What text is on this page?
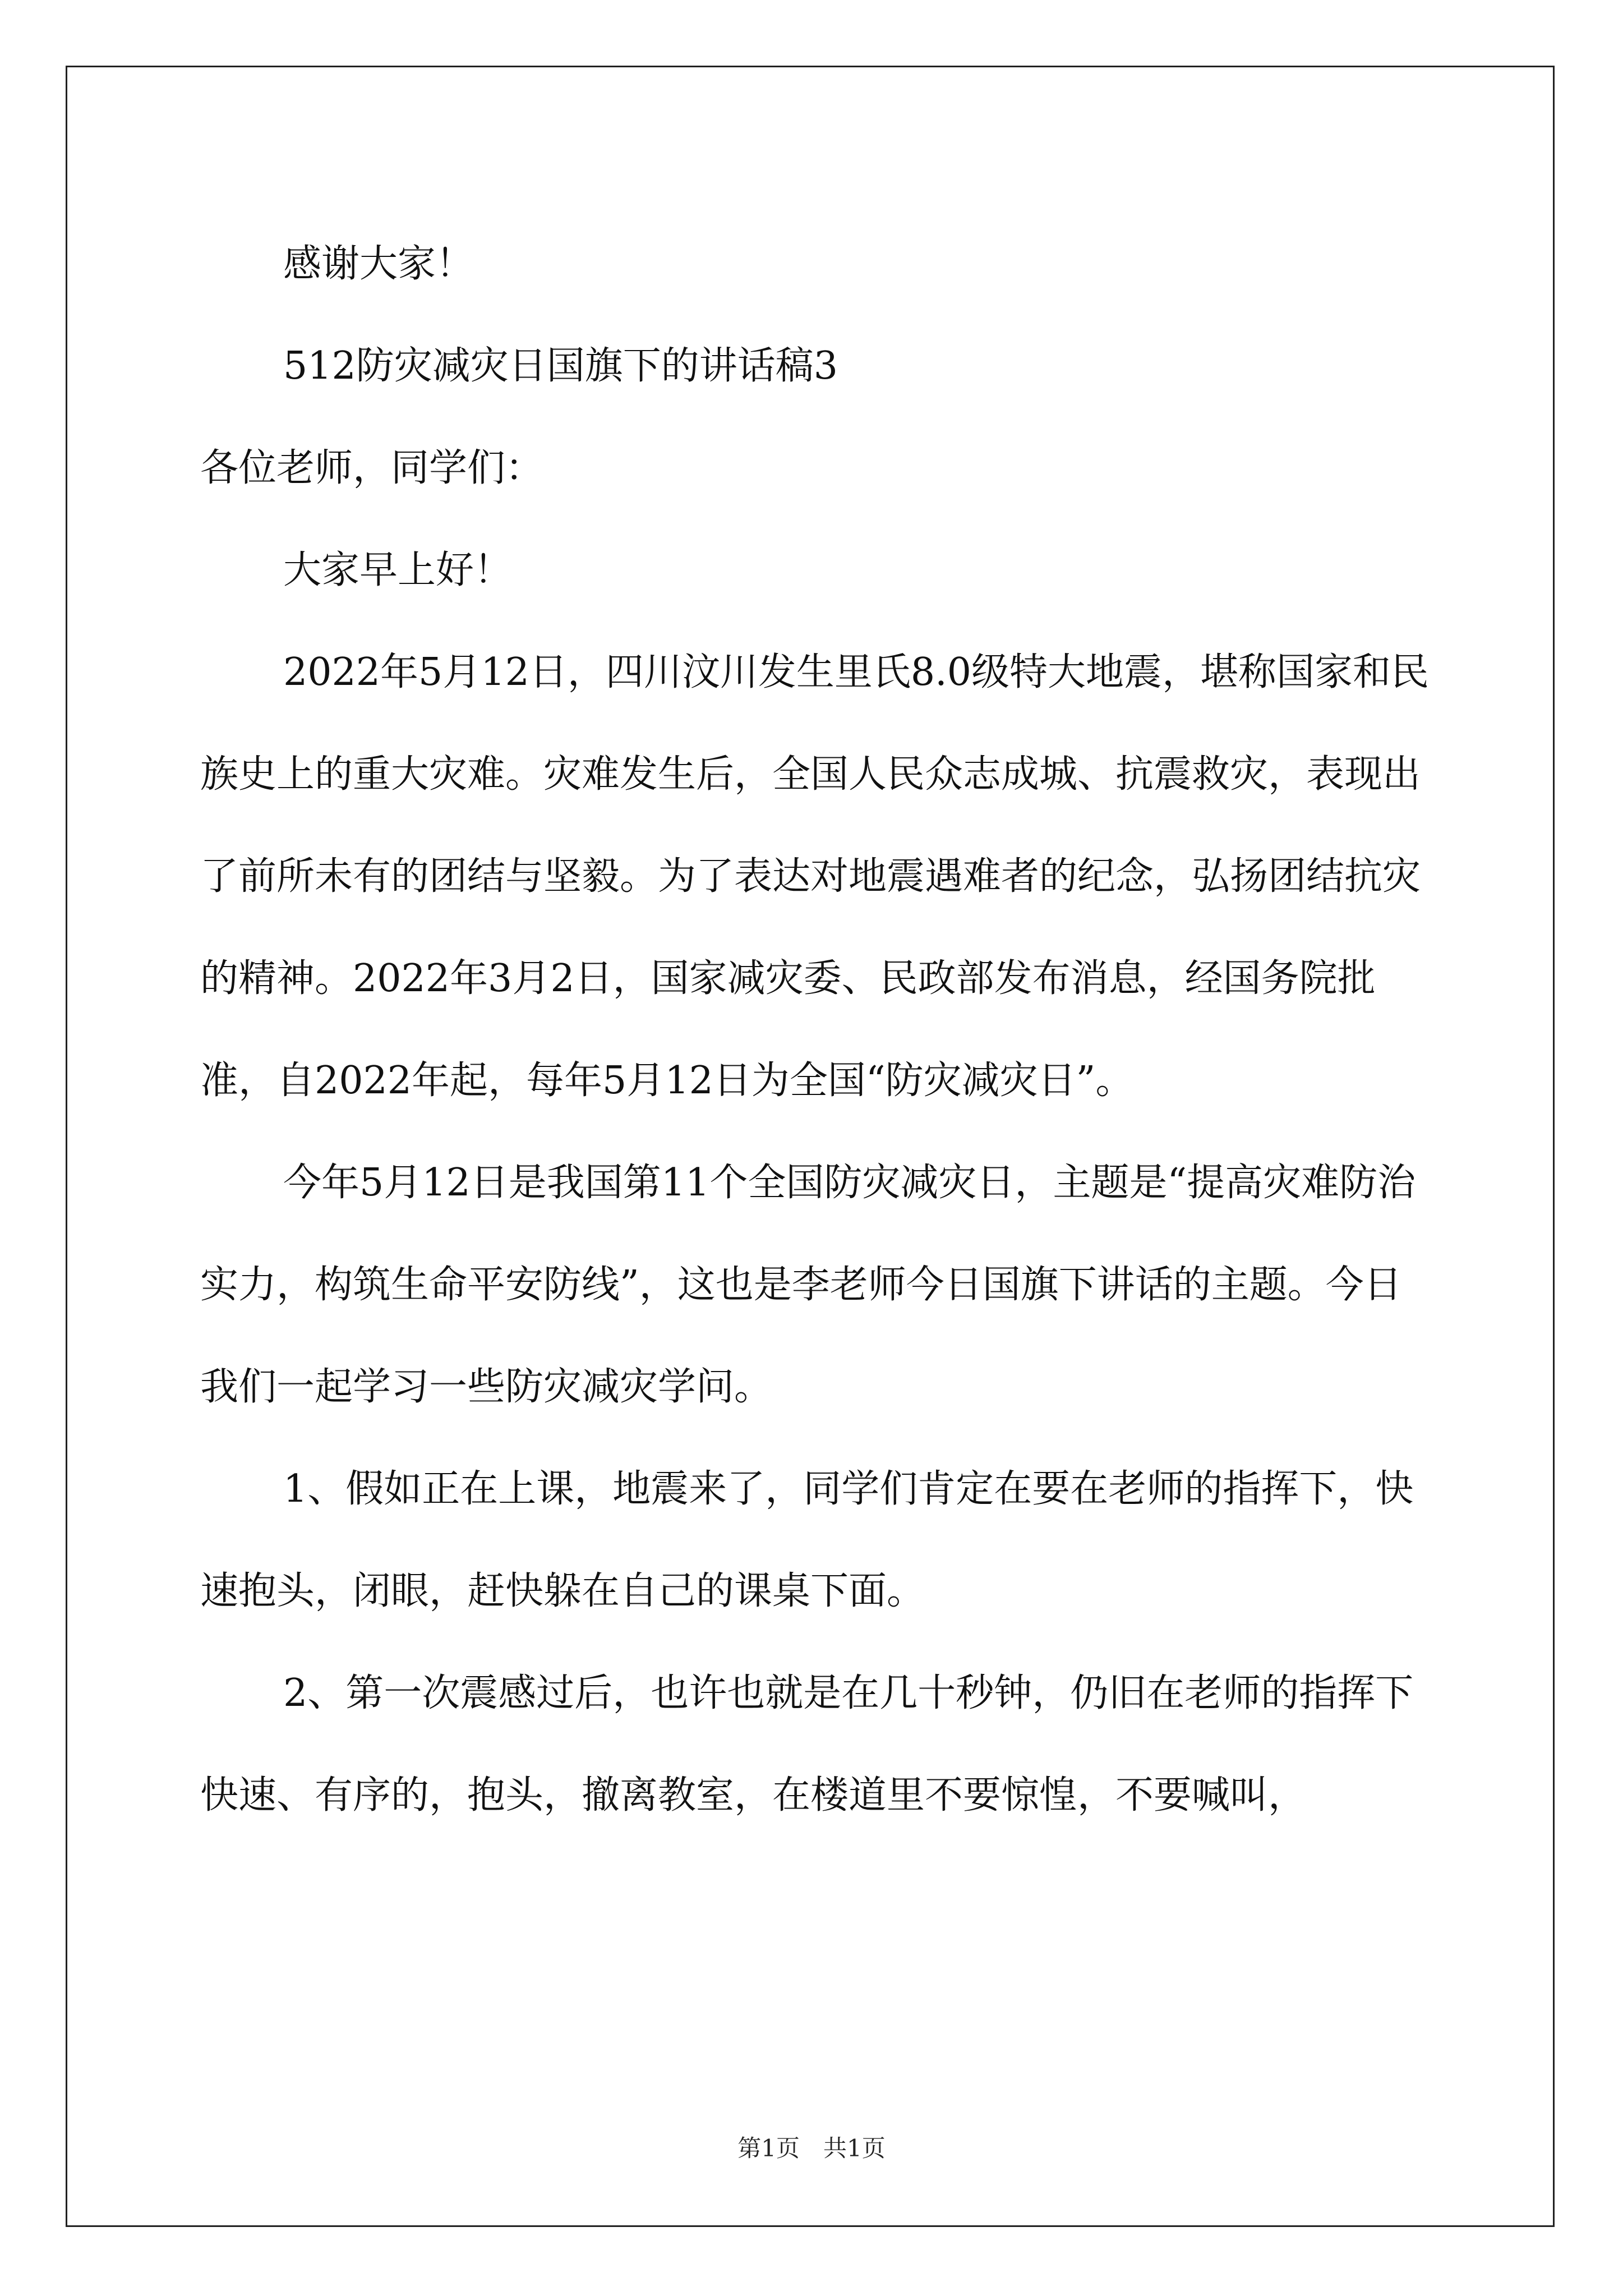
感谢大家！

512防灾减灾日国旗下的讲话稿3

各位老师，同学们：

大家早上好！

2022年5月12日，四川汶川发生里氏8.0级特大地震，堪称国家和民族史上的重大灾难。灾难发生后，全国人民众志成城、抗震救灾，表现出了前所未有的团结与坚毅。为了表达对地震遇难者的纪念，弘扬团结抗灾的精神。2022年3月2日，国家减灾委、民政部发布消息，经国务院批准，自2022年起，每年5月12日为全国“防灾减灾日”。

今年5月12日是我国第11个全国防灾减灾日，主题是“提高灾难防治实力，构筑生命平安防线”，这也是李老师今日国旗下讲话的主题。今日我们一起学习一些防灾减灾学问。

1、假如正在上课，地震来了，同学们肯定在要在老师的指挥下，快速抱头，闭眼，赶快躲在自己的课桌下面。

2、第一次震感过后，也许也就是在几十秒钟，仍旧在老师的指挥下快速、有序的，抱头，撤离教室，在楼道里不要惊惶，不要喊叫，

第1页　共1页
